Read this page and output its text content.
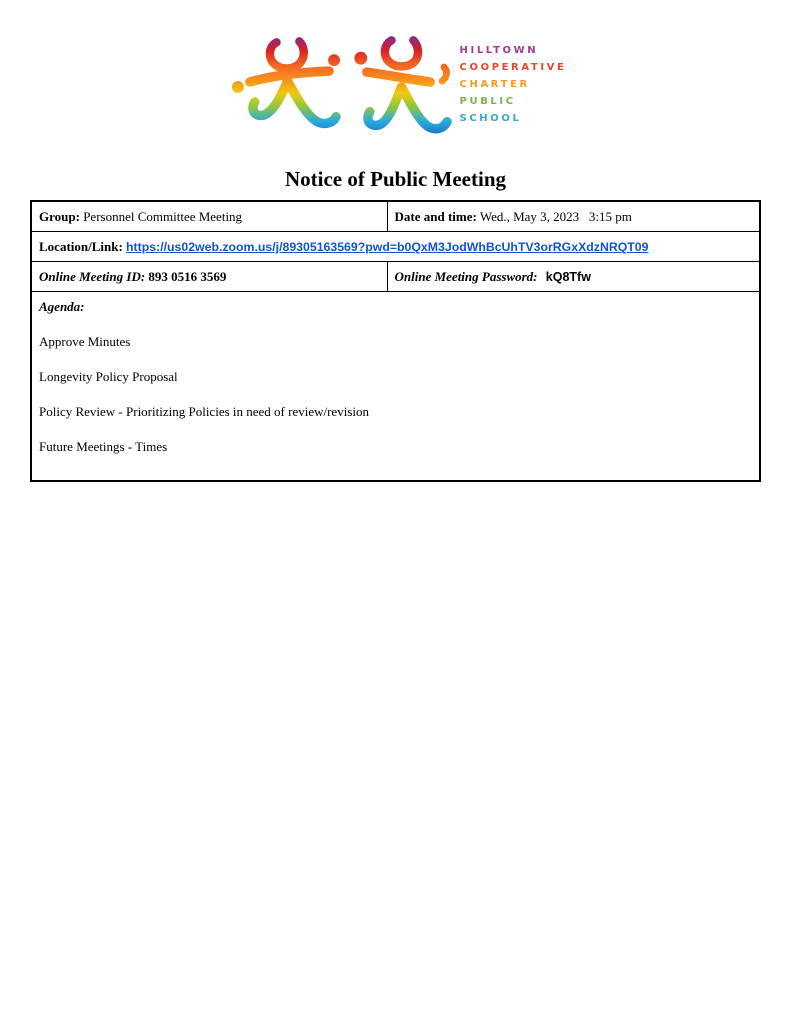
HILLTOWN
COOPERATIVE
CHARTER
PUBLIC
SCHOOL
Notice of Public Meeting
Group: Personnel Committee Meeting	Date and time: Wed., May 3, 2023   3:15 pm
Location/Link: https://us02web.zoom.us/j/89305163569?pwd=b0QxM3JodWhBcUhTV3orRGxXdzNRQT09	
Online Meeting ID: 893 0516 3569	Online Meeting Password: kQ8Tfw

Agenda:

Approve Minutes

Longevity Policy Proposal

Policy Review - Prioritizing Policies in need of review/revision

Future Meetings - Times	
